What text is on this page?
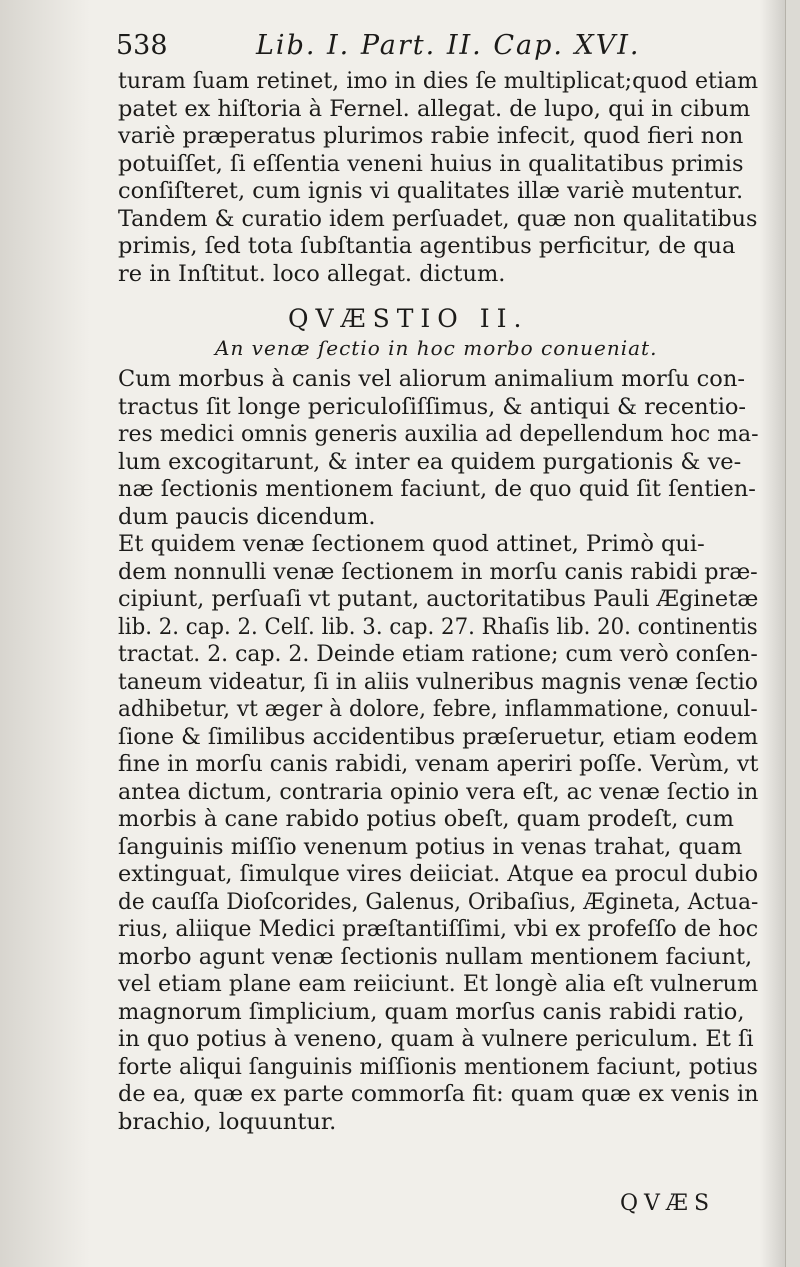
538	Lib. I. Part. II. Cap. XVI.
turam ſuam retinet, imo in dies ſe multiplicat;quod etiam
patet ex hiſtoria à Fernel. allegat. de lupo, qui in cibum
variè præperatus plurimos rabie infecit, quod fieri non
potuiſſet, ſi eſſentia veneni huius in qualitatibus primis
conſiſteret, cum ignis vi qualitates illæ variè mutentur.
Tandem & curatio idem perſuadet, quæ non qualitatibus
primis, ſed tota ſubſtantia agentibus perficitur, de qua
re in Inſtitut. loco allegat. dictum.
QVÆSTIO II.
An venæ ſectio in hoc morbo conueniat.
Cum morbus à canis vel aliorum animalium morſu con-
tractus ſit longe periculoſiſſimus, & antiqui & recentio-
res medici omnis generis auxilia ad depellendum hoc ma-
lum excogitarunt, & inter ea quidem purgationis & ve-
næ ſectionis mentionem faciunt, de quo quid ſit ſentien-
dum paucis dicendum.
Et quidem venæ ſectionem quod attinet, Primò qui-
dem nonnulli venæ ſectionem in morſu canis rabidi præ-
cipiunt, perſuaſi vt putant, auctoritatibus Pauli Æginetæ
lib. 2. cap. 2. Celſ. lib. 3. cap. 27. Rhaſis lib. 20. continentis
tractat. 2. cap. 2. Deinde etiam ratione; cum verò conſen-
taneum videatur, ſi in aliis vulneribus magnis venæ ſectio
adhibetur, vt æger à dolore, febre, inflammatione, conuul-
ſione & ſimilibus accidentibus præſeruetur, etiam eodem
fine in morſu canis rabidi, venam aperiri poſſe. Verùm, vt
antea dictum, contraria opinio vera eſt, ac venæ ſectio in
morbis à cane rabido potius obeſt, quam prodeſt, cum
ſanguinis miſſio venenum potius in venas trahat, quam
extinguat, ſimulque vires deiiciat. Atque ea procul dubio
de cauſſa Dioſcorides, Galenus, Oribaſius, Ægineta, Actua-
rius, aliique Medici præſtantiſſimi, vbi ex profeſſo de hoc
morbo agunt venæ ſectionis nullam mentionem faciunt,
vel etiam plane eam reiiciunt. Et longè alia eſt vulnerum
magnorum ſimplicium, quam morſus canis rabidi ratio,
in quo potius à veneno, quam à vulnere periculum. Et ſi
forte aliqui ſanguinis miſſionis mentionem faciunt, potius
de ea, quæ ex parte commorſa fit: quam quæ ex venis in
brachio, loquuntur.
QVÆS
